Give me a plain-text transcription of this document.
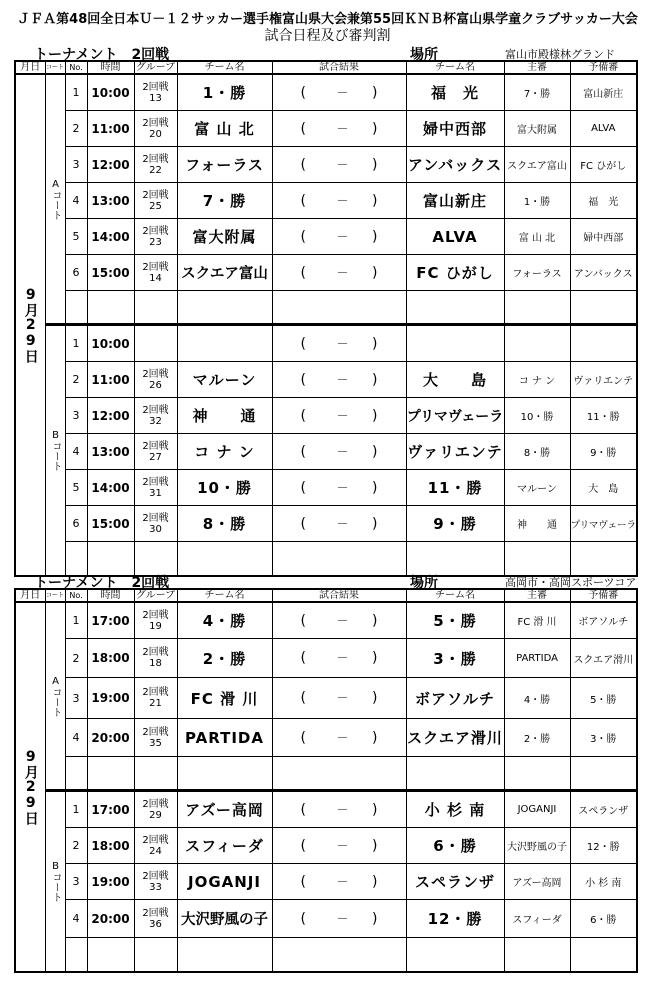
ＪＦＡ第48回全日本Ｕ－１２サッカー選手権富山県大会兼第55回ＫＮＢ杯富山県学童クラブサッカー大会
試合日程及び審判割
トーナメント　2回戦	場所	富山市殿様林グランド
月日	コート	No.	時間	グループ	チーム名	試合結果	チーム名	主審	予備審
9月29日	Aコート	1	10:00	2回戦13	1・勝	( － )	福　光	7・勝	富山新庄
		2	11:00	2回戦20	富 山 北	( － )	婦中西部	富大附属	ALVA
		3	12:00	2回戦22	フォーラス	( － )	アンバックス	スクエア富山	FC ひがし
		4	13:00	2回戦25	7・勝	( － )	富山新庄	1・勝	福　光
		5	14:00	2回戦23	富大附属	( － )	ALVA	富 山 北	婦中西部
		6	15:00	2回戦14	スクエア富山	( － )	FC ひがし	フォーラス	アンバックス

	Bコート	1	10:00			( － )			

		2	11:00	2回戦26	マルーン	( － )	大　　島	コ ナ ン	ヴァリエンテ
		3	12:00	2回戦32	神　　通	( － )	プリマヴェーラ	10・勝	11・勝
		4	13:00	2回戦27	コ ナ ン	( － )	ヴァリエンテ	8・勝	9・勝
		5	14:00	2回戦31	10・勝	( － )	11・勝	マルーン	大　島
		6	15:00	2回戦30	8・勝	( － )	9・勝	神　　通	プリマヴェーラ

トーナメント　2回戦	場所	高岡市・高岡スポーツコア
月日	コート	No.	時間	グループ	チーム名	試合結果	チーム名	主審	予備審
9月29日	Aコート	1	17:00	2回戦19	4・勝	( － )	5・勝	FC 滑 川	ボアソルチ
		2	18:00	2回戦18	2・勝	( － )	3・勝	PARTIDA	スクエア滑川
		3	19:00	2回戦21	FC 滑 川	( － )	ボアソルチ	4・勝	5・勝
		4	20:00	2回戦35	PARTIDA	( － )	スクエア滑川	2・勝	3・勝

	Bコート	1	17:00	2回戦29	アズー高岡	( － )	小 杉 南	JOGANJI	スペランザ
		2	18:00	2回戦24	スフィーダ	( － )	6・勝	大沢野風の子	12・勝
		3	19:00	2回戦33	JOGANJI	( － )	スペランザ	アズー高岡	小 杉 南
		4	20:00	2回戦36	大沢野風の子	( － )	12・勝	スフィーダ	6・勝
